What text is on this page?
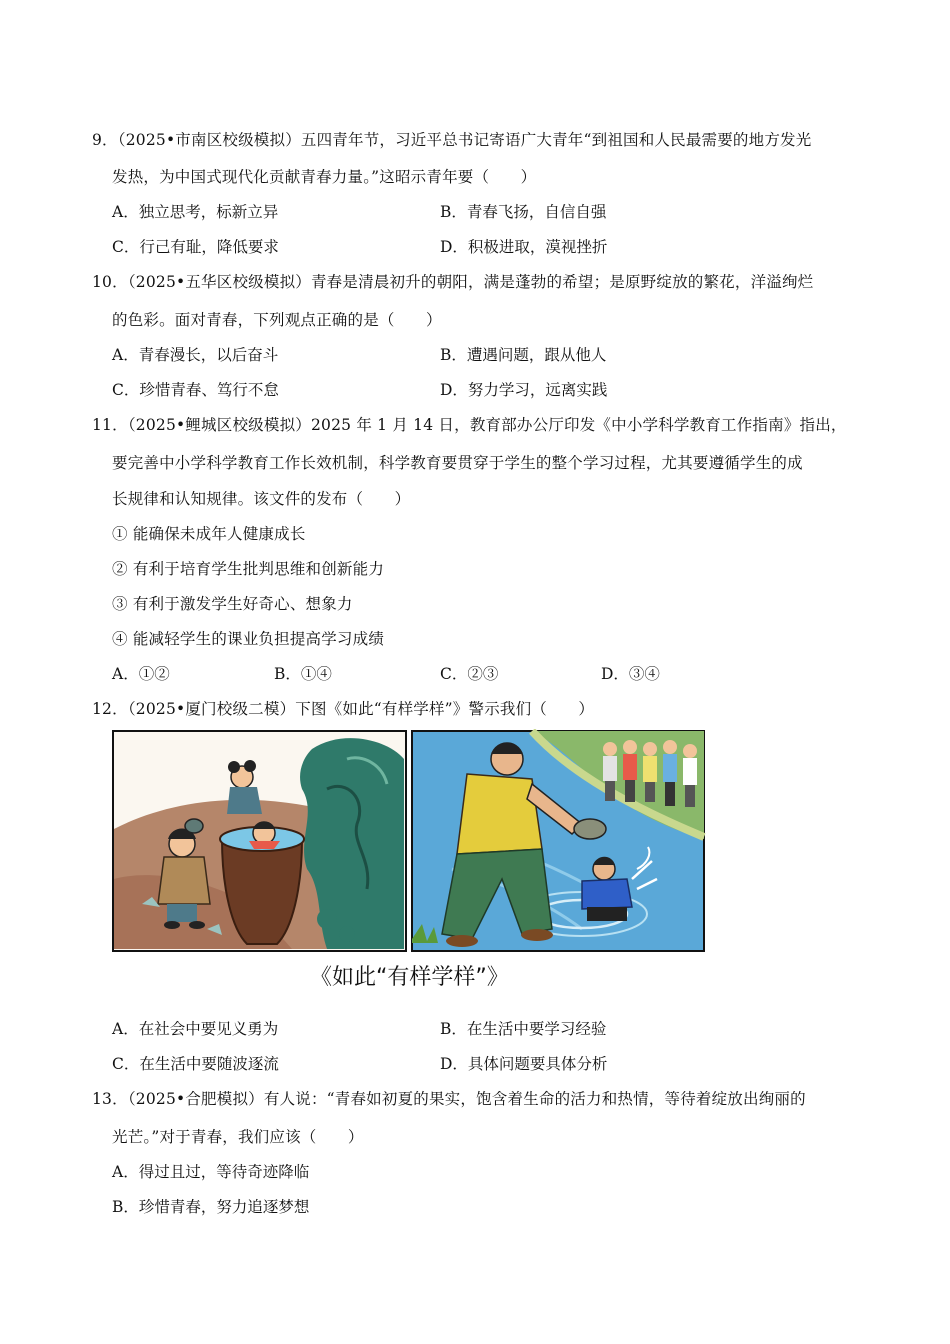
9．（2025•市南区校级模拟）五四青年节，习近平总书记寄语广大青年“到祖国和人民最需要的地方发光
发热，为中国式现代化贡献青春力量。”这昭示青年要（　　）
A．独立思考，标新立异	B．青春飞扬，自信自强
C．行己有耻，降低要求	D．积极进取，漠视挫折
10．（2025•五华区校级模拟）青春是清晨初升的朝阳，满是蓬勃的希望；是原野绽放的繁花，洋溢绚烂
的色彩。面对青春，下列观点正确的是（　　）
A．青春漫长，以后奋斗	B．遭遇问题，跟从他人
C．珍惜青春、笃行不怠	D．努力学习，远离实践
11．（2025•鲤城区校级模拟）2025 年 1 月 14 日，教育部办公厅印发《中小学科学教育工作指南》指出，
要完善中小学科学教育工作长效机制，科学教育要贯穿于学生的整个学习过程，尤其要遵循学生的成
长规律和认知规律。该文件的发布（　　）
① 能确保未成年人健康成长
② 有利于培育学生批判思维和创新能力
③ 有利于激发学生好奇心、想象力
④ 能减轻学生的课业负担提高学习成绩
A．①②	B．①④	C．②③	D．③④
12．（2025•厦门校级二模）下图《如此“有样学样”》警示我们（　　）
《如此“有样学样”》
A．在社会中要见义勇为	B．在生活中要学习经验
C．在生活中要随波逐流	D．具体问题要具体分析
13．（2025•合肥模拟）有人说：“青春如初夏的果实，饱含着生命的活力和热情，等待着绽放出绚丽的
光芒。”对于青春，我们应该（　　）
A．得过且过，等待奇迹降临
B．珍惜青春，努力追逐梦想
